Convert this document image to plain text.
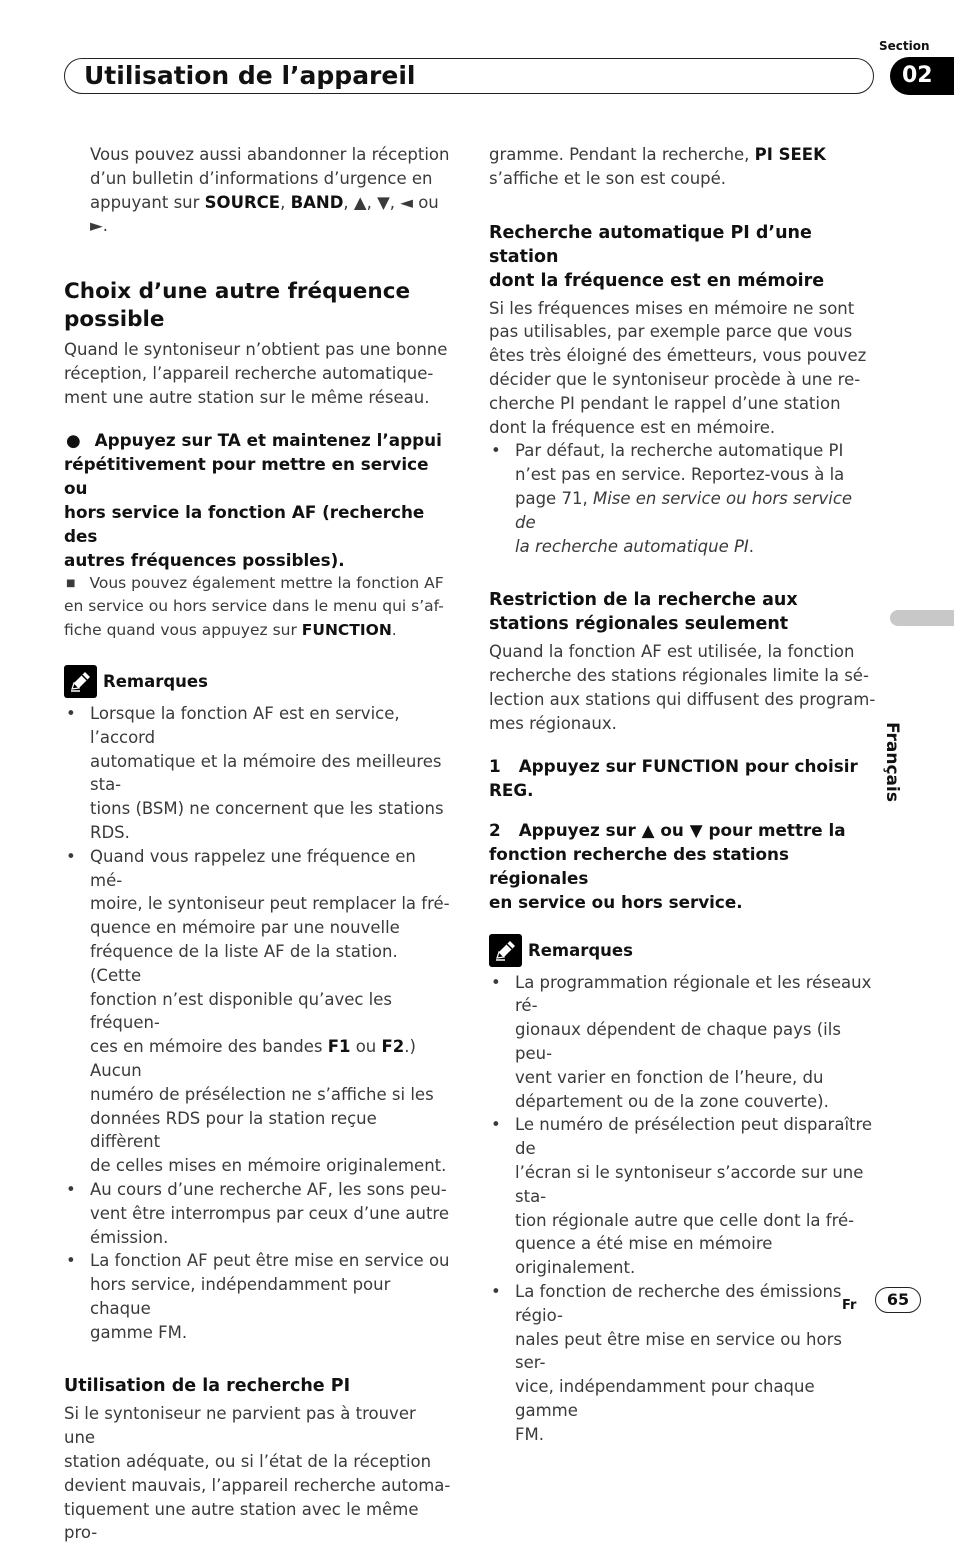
Utilisation de l’appareil
Section
02
Français

Vous pouvez aussi abandonner la réception
d’un bulletin d’informations d’urgence en
appuyant sur SOURCE, BAND, ▲, ▼, ◄ ou
►.

Choix d’une autre fréquence
possible

Quand le syntoniseur n’obtient pas une bonne
réception, l’appareil recherche automatique-
ment une autre station sur le même réseau.

● Appuyez sur TA et maintenez l’appui
répétitivement pour mettre en service ou
hors service la fonction AF (recherche des
autres fréquences possibles).

■ Vous pouvez également mettre la fonction AF
en service ou hors service dans le menu qui s’af-
fiche quand vous appuyez sur FUNCTION.

Remarques
• Lorsque la fonction AF est en service, l’accord
automatique et la mémoire des meilleures sta-
tions (BSM) ne concernent que les stations
RDS.
• Quand vous rappelez une fréquence en mé-
moire, le syntoniseur peut remplacer la fré-
quence en mémoire par une nouvelle
fréquence de la liste AF de la station. (Cette
fonction n’est disponible qu’avec les fréquen-
ces en mémoire des bandes F1 ou F2.) Aucun
numéro de présélection ne s’affiche si les
données RDS pour la station reçue diffèrent
de celles mises en mémoire originalement.
• Au cours d’une recherche AF, les sons peu-
vent être interrompus par ceux d’une autre
émission.
• La fonction AF peut être mise en service ou
hors service, indépendamment pour chaque
gamme FM.

Utilisation de la recherche PI

Si le syntoniseur ne parvient pas à trouver une
station adéquate, ou si l’état de la réception
devient mauvais, l’appareil recherche automa-
tiquement une autre station avec le même pro-

gramme. Pendant la recherche, PI SEEK
s’affiche et le son est coupé.

Recherche automatique PI d’une station
dont la fréquence est en mémoire

Si les fréquences mises en mémoire ne sont
pas utilisables, par exemple parce que vous
êtes très éloigné des émetteurs, vous pouvez
décider que le syntoniseur procède à une re-
cherche PI pendant le rappel d’une station
dont la fréquence est en mémoire.

• Par défaut, la recherche automatique PI
n’est pas en service. Reportez-vous à la
page 71, Mise en service ou hors service de
la recherche automatique PI.

Restriction de la recherche aux
stations régionales seulement

Quand la fonction AF est utilisée, la fonction
recherche des stations régionales limite la sé-
lection aux stations qui diffusent des program-
mes régionaux.

1 Appuyez sur FUNCTION pour choisir
REG.

2 Appuyez sur ▲ ou ▼ pour mettre la
fonction recherche des stations régionales
en service ou hors service.

Remarques
• La programmation régionale et les réseaux ré-
gionaux dépendent de chaque pays (ils peu-
vent varier en fonction de l’heure, du
département ou de la zone couverte).
• Le numéro de présélection peut disparaître de
l’écran si le syntoniseur s’accorde sur une sta-
tion régionale autre que celle dont la fré-
quence a été mise en mémoire originalement.
• La fonction de recherche des émissions régio-
nales peut être mise en service ou hors ser-
vice, indépendamment pour chaque gamme
FM.
Fr	65
